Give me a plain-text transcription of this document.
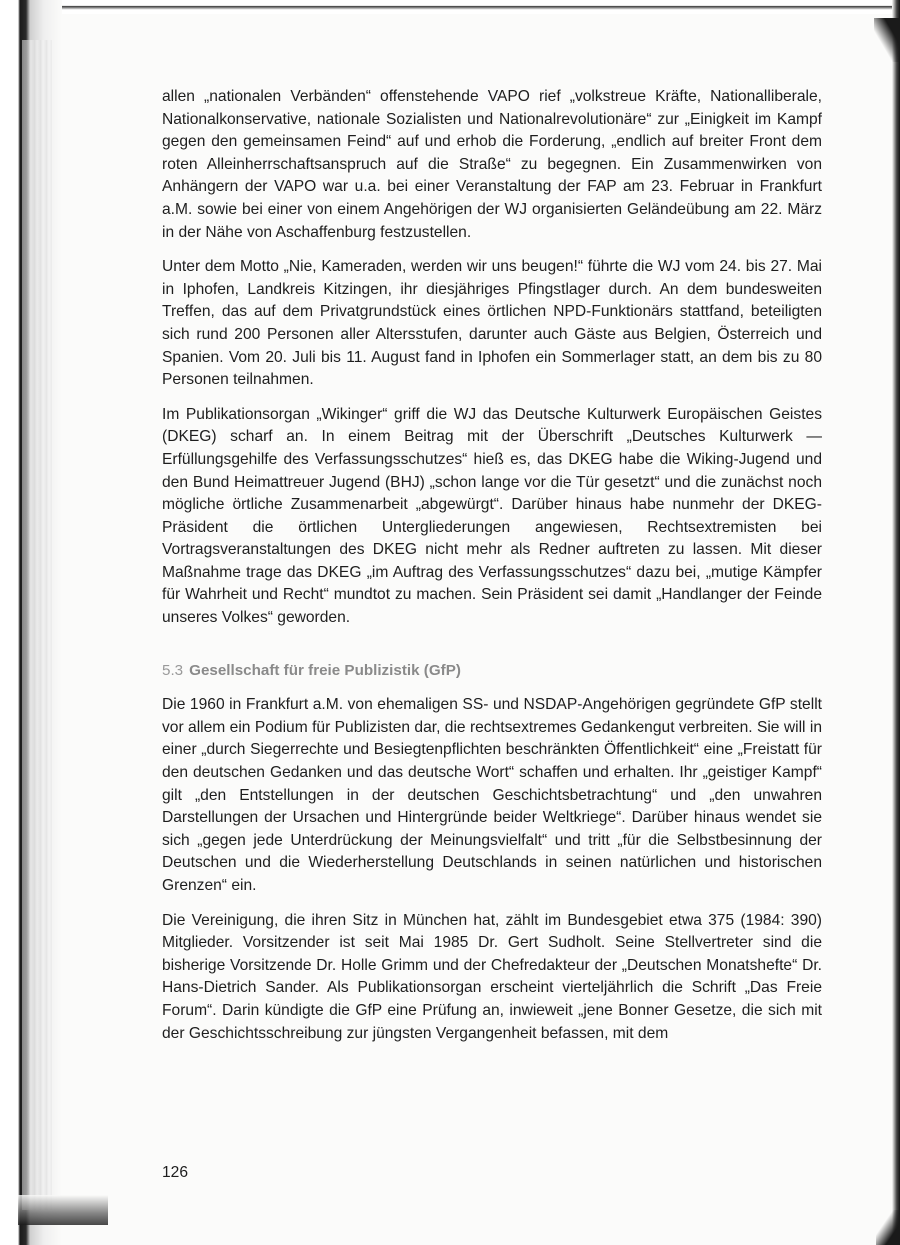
allen „nationalen Verbänden“ offenstehende VAPO rief „volkstreue Kräfte, Nationalliberale, Nationalkonservative, nationale Sozialisten und Nationalrevolutionäre“ zur „Einigkeit im Kampf gegen den gemeinsamen Feind“ auf und erhob die Forderung, „endlich auf breiter Front dem roten Alleinherrschaftsanspruch auf die Straße“ zu begegnen. Ein Zusammenwirken von Anhängern der VAPO war u.a. bei einer Veranstaltung der FAP am 23. Februar in Frankfurt a.M. sowie bei einer von einem Angehörigen der WJ organisierten Geländeübung am 22. März in der Nähe von Aschaffenburg festzustellen.

Unter dem Motto „Nie, Kameraden, werden wir uns beugen!“ führte die WJ vom 24. bis 27. Mai in Iphofen, Landkreis Kitzingen, ihr diesjähriges Pfingstlager durch. An dem bundesweiten Treffen, das auf dem Privatgrundstück eines örtlichen NPD-Funktionärs stattfand, beteiligten sich rund 200 Personen aller Altersstufen, darunter auch Gäste aus Belgien, Österreich und Spanien. Vom 20. Juli bis 11. August fand in Iphofen ein Sommerlager statt, an dem bis zu 80 Personen teilnahmen.

Im Publikationsorgan „Wikinger“ griff die WJ das Deutsche Kulturwerk Europäischen Geistes (DKEG) scharf an. In einem Beitrag mit der Überschrift „Deutsches Kulturwerk — Erfüllungsgehilfe des Verfassungsschutzes“ hieß es, das DKEG habe die Wiking-Jugend und den Bund Heimattreuer Jugend (BHJ) „schon lange vor die Tür gesetzt“ und die zunächst noch mögliche örtliche Zusammenarbeit „abgewürgt“. Darüber hinaus habe nunmehr der DKEG-Präsident die örtlichen Untergliederungen angewiesen, Rechtsextremisten bei Vortragsveranstaltungen des DKEG nicht mehr als Redner auftreten zu lassen. Mit dieser Maßnahme trage das DKEG „im Auftrag des Verfassungsschutzes“ dazu bei, „mutige Kämpfer für Wahrheit und Recht“ mundtot zu machen. Sein Präsident sei damit „Handlanger der Feinde unseres Volkes“ geworden.

5.3 Gesellschaft für freie Publizistik (GfP)

Die 1960 in Frankfurt a.M. von ehemaligen SS- und NSDAP-Angehörigen gegründete GfP stellt vor allem ein Podium für Publizisten dar, die rechtsextremes Gedankengut verbreiten. Sie will in einer „durch Siegerrechte und Besiegtenpflichten beschränkten Öffentlichkeit“ eine „Freistatt für den deutschen Gedanken und das deutsche Wort“ schaffen und erhalten. Ihr „geistiger Kampf“ gilt „den Entstellungen in der deutschen Geschichtsbetrachtung“ und „den unwahren Darstellungen der Ursachen und Hintergründe beider Weltkriege“. Darüber hinaus wendet sie sich „gegen jede Unterdrückung der Meinungsvielfalt“ und tritt „für die Selbstbesinnung der Deutschen und die Wiederherstellung Deutschlands in seinen natürlichen und historischen Grenzen“ ein.

Die Vereinigung, die ihren Sitz in München hat, zählt im Bundesgebiet etwa 375 (1984: 390) Mitglieder. Vorsitzender ist seit Mai 1985 Dr. Gert Sudholt. Seine Stellvertreter sind die bisherige Vorsitzende Dr. Holle Grimm und der Chefredakteur der „Deutschen Monatshefte“ Dr. Hans-Dietrich Sander. Als Publikationsorgan erscheint vierteljährlich die Schrift „Das Freie Forum“. Darin kündigte die GfP eine Prüfung an, inwieweit „jene Bonner Gesetze, die sich mit der Geschichtsschreibung zur jüngsten Vergangenheit befassen, mit dem

126
